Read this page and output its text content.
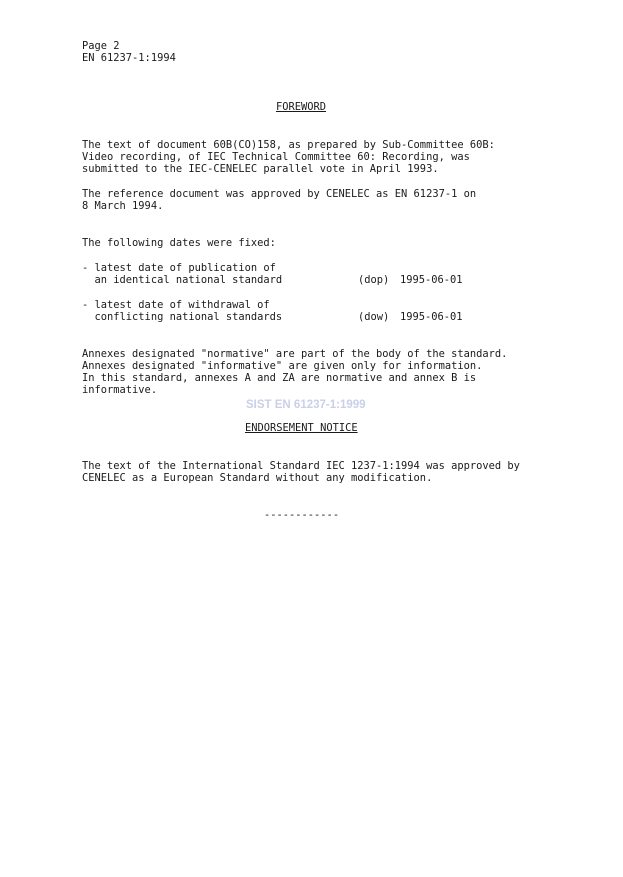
Page 2
EN 61237-1:1994
FOREWORD
The text of document 60B(CO)158, as prepared by Sub-Committee 60B:
Video recording, of IEC Technical Committee 60: Recording, was
submitted to the IEC-CENELEC parallel vote in April 1993.
The reference document was approved by CENELEC as EN 61237-1 on
8 March 1994.
The following dates were fixed:
- latest date of publication of
an identical national standard	(dop) 1995-06-01
- latest date of withdrawal of
conflicting national standards	(dow) 1995-06-01
Annexes designated "normative" are part of the body of the standard.
Annexes designated "informative" are given only for information.
In this standard, annexes A and ZA are normative and annex B is
informative.
SIST EN 61237-1:1999
ENDORSEMENT NOTICE
The text of the International Standard IEC 1237-1:1994 was approved by
CENELEC as a European Standard without any modification.
------------
